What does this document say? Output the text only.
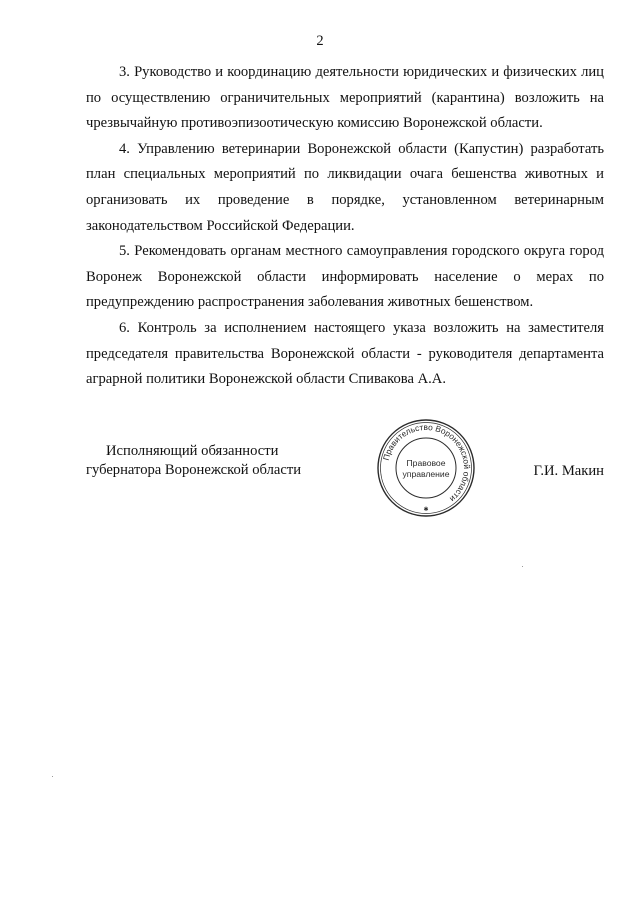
2

3. Руководство и координацию деятельности юридических и физических лиц по осуществлению ограничительных мероприятий (карантина) возложить на чрезвычайную противоэпизоотическую комиссию Воронежской области.

4. Управлению ветеринарии Воронежской области (Капустин) разработать план специальных мероприятий по ликвидации очага бешенства животных и организовать их проведение в порядке, установленном ветеринарным законодательством Российской Федерации.

5. Рекомендовать органам местного самоуправления городского округа город Воронеж Воронежской области информировать население о мерах по предупреждению распространения заболевания животных бешенством.

6. Контроль за исполнением настоящего указа возложить на заместителя председателя правительства Воронежской области - руководителя департамента аграрной политики Воронежской области Спивакова А.А.

Исполняющий обязанности
губернатора Воронежской области
Правительство Воронежской области
Правовое
управление
✱
Г.И. Макин
